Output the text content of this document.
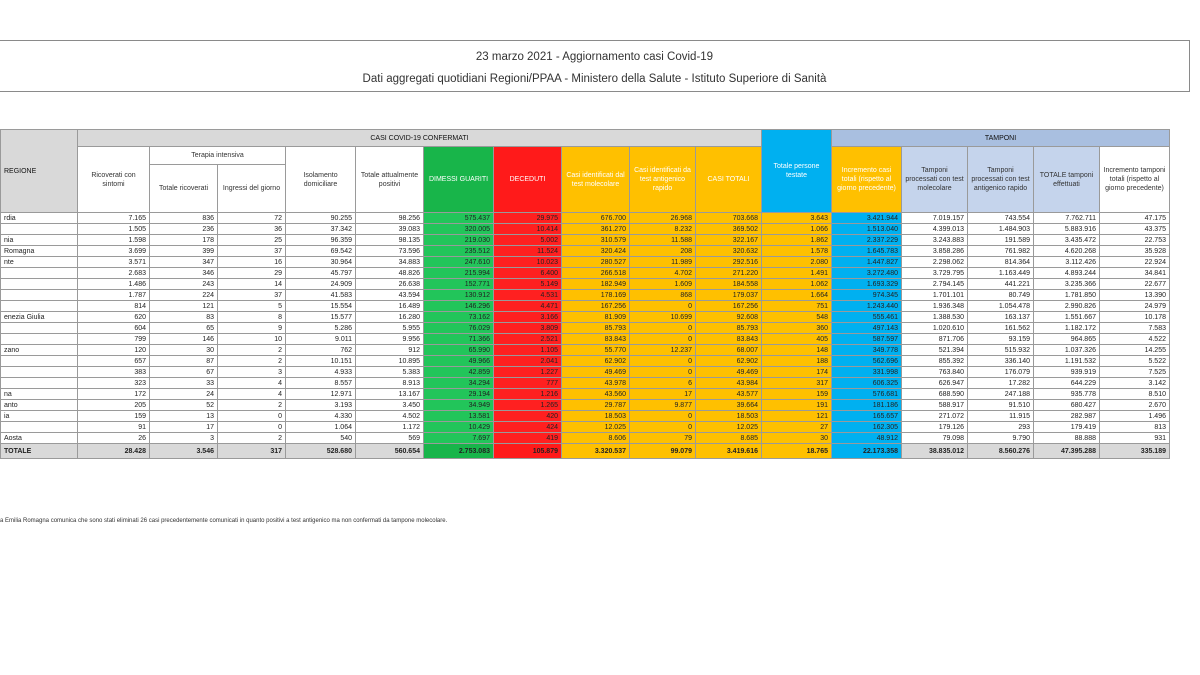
23 marzo 2021 - Aggiornamento casi Covid-19
Dati aggregati quotidiani Regioni/PPAA - Ministero della Salute - Istituto Superiore di Sanità
REGIONE	CASI COVID-19 CONFERMATI										Totale persone testate	TAMPONI				
	Ricoverati con sintomi	Terapia intensiva		Isolamento domiciliare	Totale attualmente positivi	DIMESSI GUARITI	DECEDUTI	Casi identificati dal test molecolare	Casi identificati da test antigenico rapido	CASI TOTALI		Incremento casi totali (rispetto al giorno precedente)	Tamponi processati con test molecolare	Tamponi processati con test antigenico rapido	TOTALE tamponi effettuati	Incremento tamponi totali (rispetto al giorno precedente)
		Totale ricoverati	Ingressi del giorno													
rdia	7.165	836	72	90.255	98.256	575.437	29.975	676.700	26.968	703.668	3.643	3.421.944	7.019.157	743.554	7.762.711	47.175
	1.505	236	36	37.342	39.083	320.005	10.414	361.270	8.232	369.502	1.066	1.513.040	4.399.013	1.484.903	5.883.916	43.375
nia	1.598	178	25	96.359	98.135	219.030	5.002	310.579	11.588	322.167	1.862	2.337.229	3.243.883	191.589	3.435.472	22.753
Romagna	3.699	399	37	69.542	73.596	235.512	11.524	320.424	208	320.632	1.578	1.645.783	3.858.286	761.982	4.620.268	35.928
nte	3.571	347	16	30.964	34.883	247.610	10.023	280.527	11.989	292.516	2.080	1.447.827	2.298.062	814.364	3.112.426	22.924
	2.683	346	29	45.797	48.826	215.994	6.400	266.518	4.702	271.220	1.491	3.272.480	3.729.795	1.163.449	4.893.244	34.841
	1.486	243	14	24.909	26.638	152.771	5.149	182.949	1.609	184.558	1.062	1.693.329	2.794.145	441.221	3.235.366	22.677
	1.787	224	37	41.583	43.594	130.912	4.531	178.169	868	179.037	1.664	974.345	1.701.101	80.749	1.781.850	13.390
	814	121	5	15.554	16.489	146.296	4.471	167.256	0	167.256	751	1.243.440	1.936.348	1.054.478	2.990.826	24.979
enezia Giulia	620	83	8	15.577	16.280	73.162	3.166	81.909	10.699	92.608	548	555.461	1.388.530	163.137	1.551.667	10.178
	604	65	9	5.286	5.955	76.029	3.809	85.793	0	85.793	360	497.143	1.020.610	161.562	1.182.172	7.583
	799	146	10	9.011	9.956	71.366	2.521	83.843	0	83.843	405	587.597	871.706	93.159	964.865	4.522
zano	120	30	2	762	912	65.990	1.105	55.770	12.237	68.007	148	349.778	521.394	515.932	1.037.326	14.255
	657	87	2	10.151	10.895	49.966	2.041	62.902	0	62.902	188	562.696	855.392	336.140	1.191.532	5.522
	383	67	3	4.933	5.383	42.859	1.227	49.469	0	49.469	174	331.998	763.840	176.079	939.919	7.525
	323	33	4	8.557	8.913	34.294	777	43.978	6	43.984	317	606.325	626.947	17.282	644.229	3.142
na	172	24	4	12.971	13.167	29.194	1.216	43.560	17	43.577	159	576.681	688.590	247.188	935.778	8.510
anto	205	52	2	3.193	3.450	34.949	1.265	29.787	9.877	39.664	191	181.186	588.917	91.510	680.427	2.670
ia	159	13	0	4.330	4.502	13.581	420	18.503	0	18.503	121	165.657	271.072	11.915	282.987	1.496
	91	17	0	1.064	1.172	10.429	424	12.025	0	12.025	27	162.305	179.126	293	179.419	813
Aosta	26	3	2	540	569	7.697	419	8.606	79	8.685	30	48.912	79.098	9.790	88.888	931
TOTALE	28.428	3.546	317	528.680	560.654	2.753.083	105.879	3.320.537	99.079	3.419.616	18.765	22.173.358	38.835.012	8.560.276	47.395.288	335.189
a Emilia Romagna comunica che sono stati eliminati 26 casi precedentemente comunicati in quanto positivi a test antigenico ma non confermati da tampone molecolare.
